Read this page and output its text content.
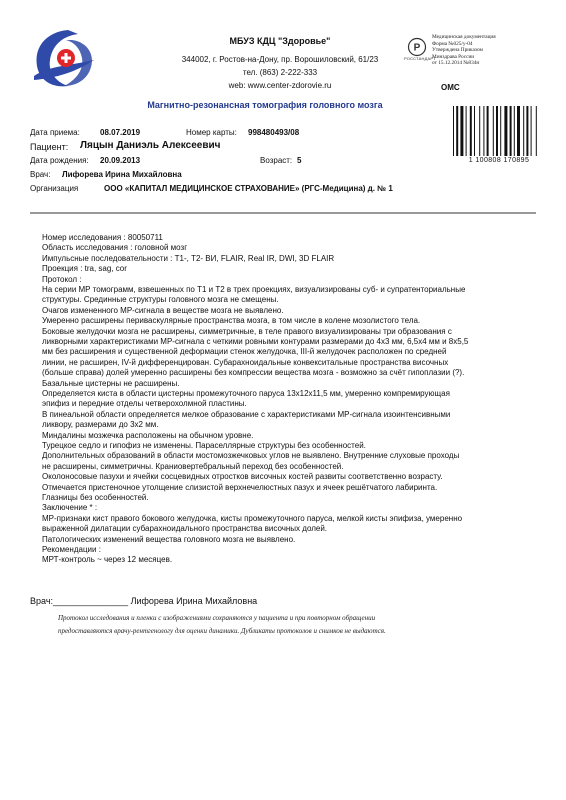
МБУЗ КДЦ "Здоровье"
344002, г. Ростов-на-Дону, пр. Ворошиловский, 61/23
тел. (863) 2-222-333
web: www.center-zdorovie.ru
P
РОССТАНДАРТ
Медицинская документация
Форма №025/у-04
Утверждена Приказом
Минздрава России
от 15.12.2014 №834н
ОМС
Магнитно-резонансная томография головного мозга
1 100808 170895
Дата приема:	08.07.2019	Номер карты: 998480493/08
Пациент: Ляцын Даниэль Алексеевич
Дата рождения: 20.09.2013	Возраст: 5
Врач: Лифорева Ирина Михайловна
Организация	ООО «КАПИТАЛ МЕДИЦИНСКОЕ СТРАХОВАНИЕ» (РГС-Медицина) д. № 1
Номер исследования : 80050711
Область исследования : головной мозг
Импульсные последовательности : Т1-, Т2- ВИ, FLAIR, Real IR, DWI, 3D FLAIR
Проекция : tra, sag, cor
Протокол :
На серии МР томограмм, взвешенных по Т1 и Т2 в трех проекциях, визуализированы суб- и супратенториальные
структуры. Срединные структуры головного мозга не смещены.
Очагов измененного МР-сигнала в веществе мозга не выявлено.
Умеренно расширены периваскулярные пространства мозга, в том числе в колене мозолистого тела.
Боковые желудочки мозга не расширены, симметричные, в теле правого визуализированы три образования с
ликворными характеристиками МР-сигнала с четкими ровными контурами размерами до 4х3 мм, 6,5х4 мм и 8х5,5
мм без расширения и существенной деформации стенок желудочка, III-й желудочек расположен по средней
линии, не расширен, IV-й дифференцирован. Субарахноидальные конвекситальные пространства височных
(больше справа) долей умеренно расширены без компрессии вещества мозга - возможно за счёт гипоплазии (?).
Базальные цистерны не расширены.
Определяется киста в области цистерны промежуточного паруса 13х12х11,5 мм, умеренно компремирующая
эпифиз и передние отделы четверохолмной пластины.
В пинеальной области определяется мелкое образование с характеристиками МР-сигнала изоинтенсивными
ликвору, размерами до 3х2 мм.
Миндалины мозжечка расположены на обычном уровне.
Турецкое седло и гипофиз не изменены. Параселлярные структуры без особенностей.
Дополнительных образований в области мостомозжечковых углов не выявлено. Внутренние слуховые проходы
не расширены, симметричны. Краниовертебральный переход без особенностей.
Околоносовые пазухи и ячейки сосцевидных отростков височных костей развиты соответственно возрасту.
Отмечается пристеночное утолщение слизистой верхнечелюстных пазух и ячеек решётчатого лабиринта.
Глазницы без особенностей.
Заключение * :
МР-признаки кист правого бокового желудочка, кисты промежуточного паруса, мелкой кисты эпифиза, умеренно
выраженной дилатации субарахноидального пространства височных долей.
Патологических изменений вещества головного мозга не выявлено.
Рекомендации :
МРТ-контроль ~ через 12 месяцев.
Врач:_______________ Лифорева Ирина Михайловна
Протокол исследования и пленки с изображениями сохраняются у пациента и при повторном обращении
предоставляются врачу-рентгенологу для оценки динамики. Дубликаты протоколов и снимков не выдаются.
